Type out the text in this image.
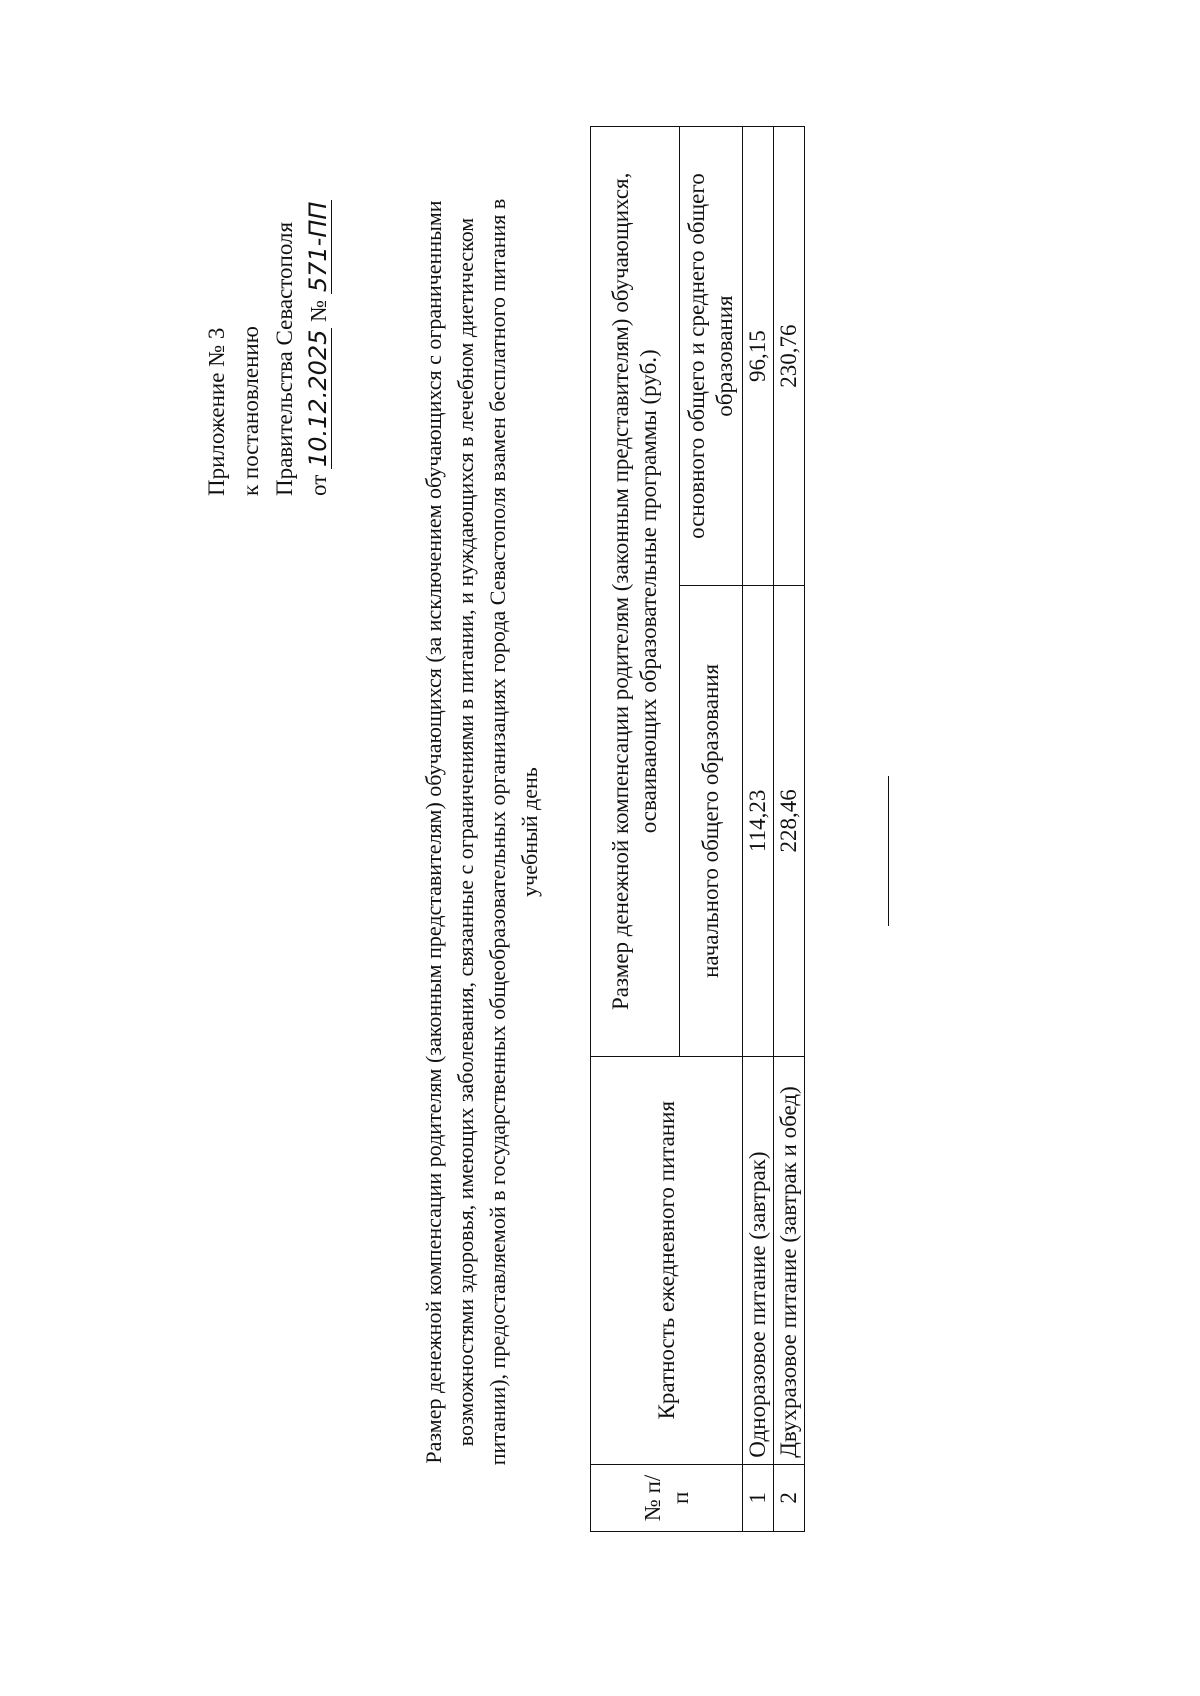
Приложение № 3 к постановлению Правительства Севастополя от 10.12.2025 № 571-ПП	Размер денежной компенсации родителям (законным представителям) обучающихся (за исключением обучающихся с ограниченными возможностями здоровья, имеющих заболевания, связанные с ограничениями в питании, и нуждающихся в лечебном диетическом питании), предоставляемой в государственных общеобразовательных организациях города Севастополя взамен бесплатного питания в учебный день
№ п/п	Кратность ежедневного питания	Размер денежной компенсации родителям (законным представителям) обучающихся, осваивающих образовательные программы (руб.)	
		начального общего образования	основного общего и среднего общего образования
1	Одноразовое питание (завтрак)	114,23	96,15
2	Двухразовое питание (завтрак и обед)	228,46	230,76
